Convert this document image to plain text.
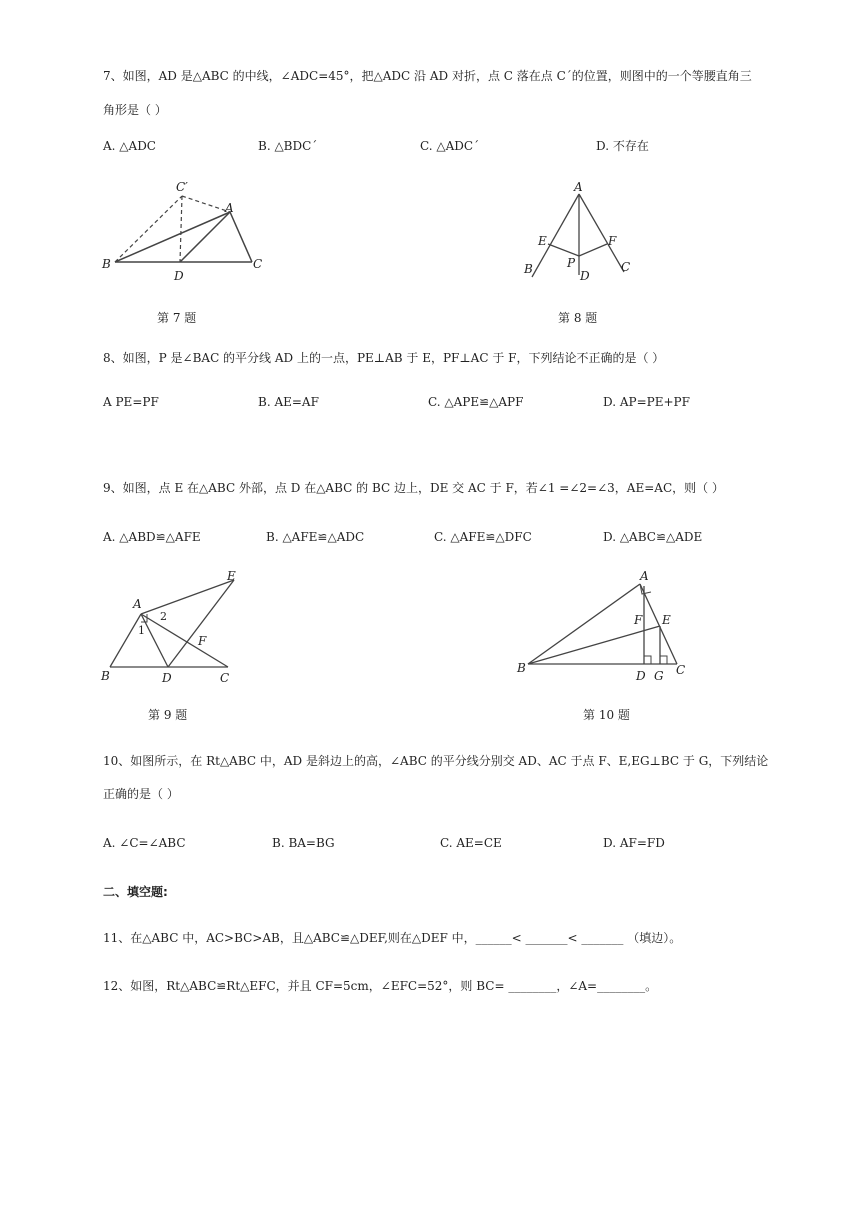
7、如图，AD 是△ABC 的中线，∠ADC=45°，把△ADC 沿 AD 对折，点 C 落在点 C´的位置，则图中的一个等腰直角三
角形是（ ）
A. △ADC	B. △BDC´	C. △ADC´	D. 不存在
C′
A
B
D
C
A
E	F
P
B	D
C
E
A
2
1
F
B	D	C
A
F E
B
D G C
第 7 题	第 8 题
8、如图，P 是∠BAC 的平分线 AD 上的一点，PE⊥AB 于 E，PF⊥AC 于 F，下列结论不正确的是（ ）
A PE=PF	B. AE=AF	C. △APE≌△APF	D. AP=PE+PF
9、如图，点 E 在△ABC 外部，点 D 在△ABC 的 BC 边上，DE 交 AC 于 F，若∠1 =∠2=∠3，AE=AC，则（ ）
A. △ABD≌△AFE	B. △AFE≌△ADC	C. △AFE≌△DFC	D. △ABC≌△ADE
第 9 题	第 10 题
10、如图所示，在 Rt△ABC 中，AD 是斜边上的高，∠ABC 的平分线分别交 AD、AC 于点 F、E,EG⊥BC 于 G，下列结论
正确的是（ ）
A. ∠C=∠ABC	B. BA=BG	C. AE=CE	D. AF=FD
二、填空题:
11、在△ABC 中，AC>BC>AB，且△ABC≌△DEF,则在△DEF 中，______< _______< _______ （填边）。
12、如图，Rt△ABC≌Rt△EFC，并且 CF=5cm，∠EFC=52°，则 BC= ________，∠A=________。
